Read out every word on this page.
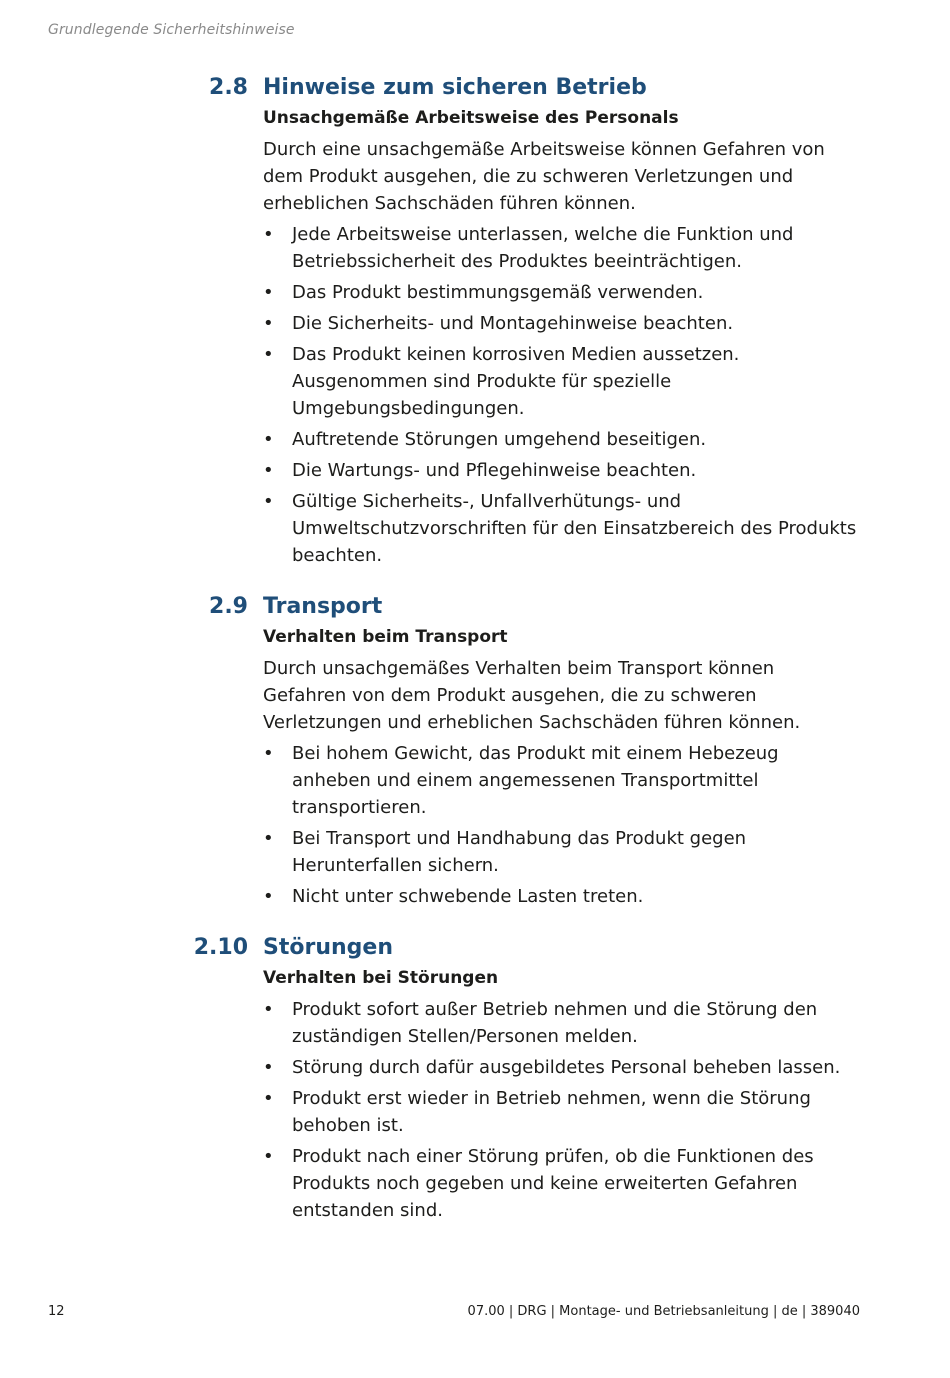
Grundlegende Sicherheitshinweise
2.8 Hinweise zum sicheren Betrieb
Unsachgemäße Arbeitsweise des Personals
Durch eine unsachgemäße Arbeitsweise können Gefahren von dem Produkt ausgehen, die zu schweren Verletzungen und erheblichen Sachschäden führen können.
• Jede Arbeitsweise unterlassen, welche die Funktion und Betriebssicherheit des Produktes beeinträchtigen.
• Das Produkt bestimmungsgemäß verwenden.
• Die Sicherheits- und Montagehinweise beachten.
• Das Produkt keinen korrosiven Medien aussetzen. Ausgenommen sind Produkte für spezielle Umgebungsbedingungen.
• Auftretende Störungen umgehend beseitigen.
• Die Wartungs- und Pflegehinweise beachten.
• Gültige Sicherheits-, Unfallverhütungs- und Umweltschutzvorschriften für den Einsatzbereich des Produkts beachten.
2.9 Transport
Verhalten beim Transport
Durch unsachgemäßes Verhalten beim Transport können Gefahren von dem Produkt ausgehen, die zu schweren Verletzungen und erheblichen Sachschäden führen können.
• Bei hohem Gewicht, das Produkt mit einem Hebezeug anheben und einem angemessenen Transportmittel transportieren.
• Bei Transport und Handhabung das Produkt gegen Herunterfallen sichern.
• Nicht unter schwebende Lasten treten.
2.10 Störungen
Verhalten bei Störungen
• Produkt sofort außer Betrieb nehmen und die Störung den zuständigen Stellen/Personen melden.
• Störung durch dafür ausgebildetes Personal beheben lassen.
• Produkt erst wieder in Betrieb nehmen, wenn die Störung behoben ist.
• Produkt nach einer Störung prüfen, ob die Funktionen des Produkts noch gegeben und keine erweiterten Gefahren entstanden sind.
12	07.00 | DRG | Montage- und Betriebsanleitung | de | 389040
